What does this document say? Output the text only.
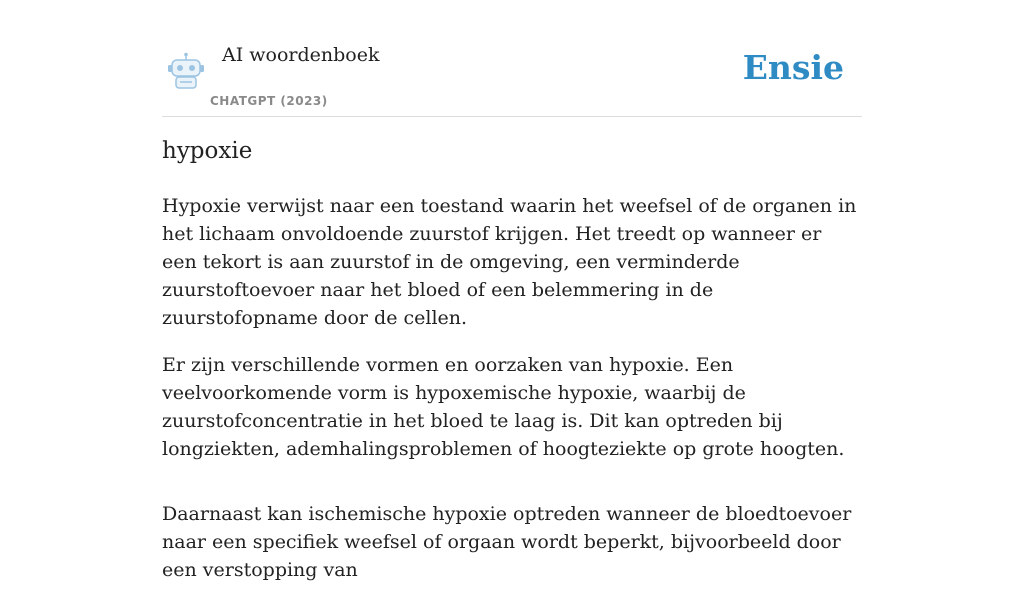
AI woordenboek
CHATGPT (2023)
Ensie
hypoxie

Hypoxie verwijst naar een toestand waarin het weefsel of de organen in het lichaam onvoldoende zuurstof krijgen. Het treedt op wanneer er een tekort is aan zuurstof in de omgeving, een verminderde zuurstoftoevoer naar het bloed of een belemmering in de zuurstofopname door de cellen.

Er zijn verschillende vormen en oorzaken van hypoxie. Een veelvoorkomende vorm is hypoxemische hypoxie, waarbij de zuurstofconcentratie in het bloed te laag is. Dit kan optreden bij longziekten, ademhalingsproblemen of hoogteziekte op grote hoogten.

Daarnaast kan ischemische hypoxie optreden wanneer de bloedtoevoer naar een specifiek weefsel of orgaan wordt beperkt, bijvoorbeeld door een verstopping van
